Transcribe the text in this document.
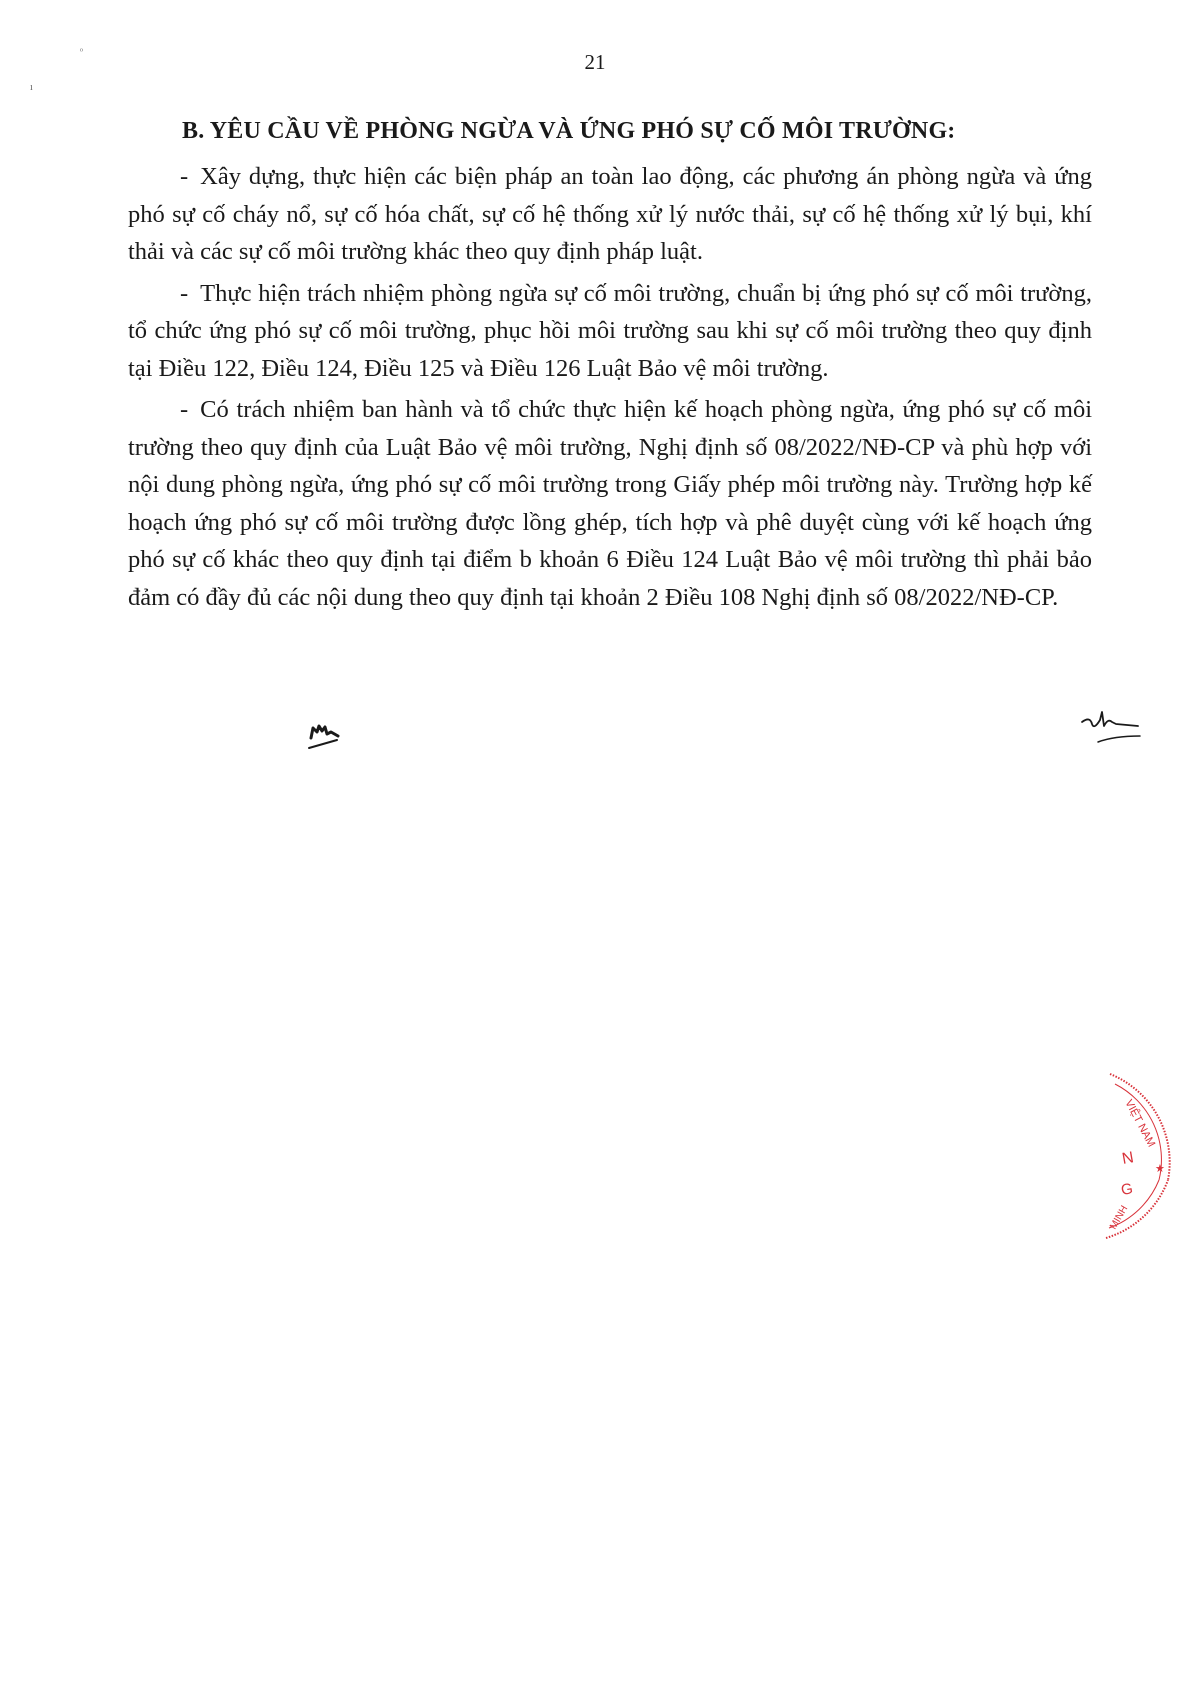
ᵒ
ı
21
B. YÊU CẦU VỀ PHÒNG NGỪA VÀ ỨNG PHÓ SỰ CỐ MÔI TRƯỜNG:

- Xây dựng, thực hiện các biện pháp an toàn lao động, các phương án phòng ngừa và ứng phó sự cố cháy nổ, sự cố hóa chất, sự cố hệ thống xử lý nước thải, sự cố hệ thống xử lý bụi, khí thải và các sự cố môi trường khác theo quy định pháp luật.

- Thực hiện trách nhiệm phòng ngừa sự cố môi trường, chuẩn bị ứng phó sự cố môi trường, tổ chức ứng phó sự cố môi trường, phục hồi môi trường sau khi sự cố môi trường theo quy định tại Điều 122, Điều 124, Điều 125 và Điều 126 Luật Bảo vệ môi trường.

- Có trách nhiệm ban hành và tổ chức thực hiện kế hoạch phòng ngừa, ứng phó sự cố môi trường theo quy định của Luật Bảo vệ môi trường, Nghị định số 08/2022/NĐ-CP và phù hợp với nội dung phòng ngừa, ứng phó sự cố môi trường trong Giấy phép môi trường này. Trường hợp kế hoạch ứng phó sự cố môi trường được lồng ghép, tích hợp và phê duyệt cùng với kế hoạch ứng phó sự cố khác theo quy định tại điểm b khoản 6 Điều 124 Luật Bảo vệ môi trường thì phải bảo đảm có đầy đủ các nội dung theo quy định tại khoản 2 Điều 108 Nghị định số 08/2022/NĐ-CP.

VIỆT NAM
★
N
G
MINH
